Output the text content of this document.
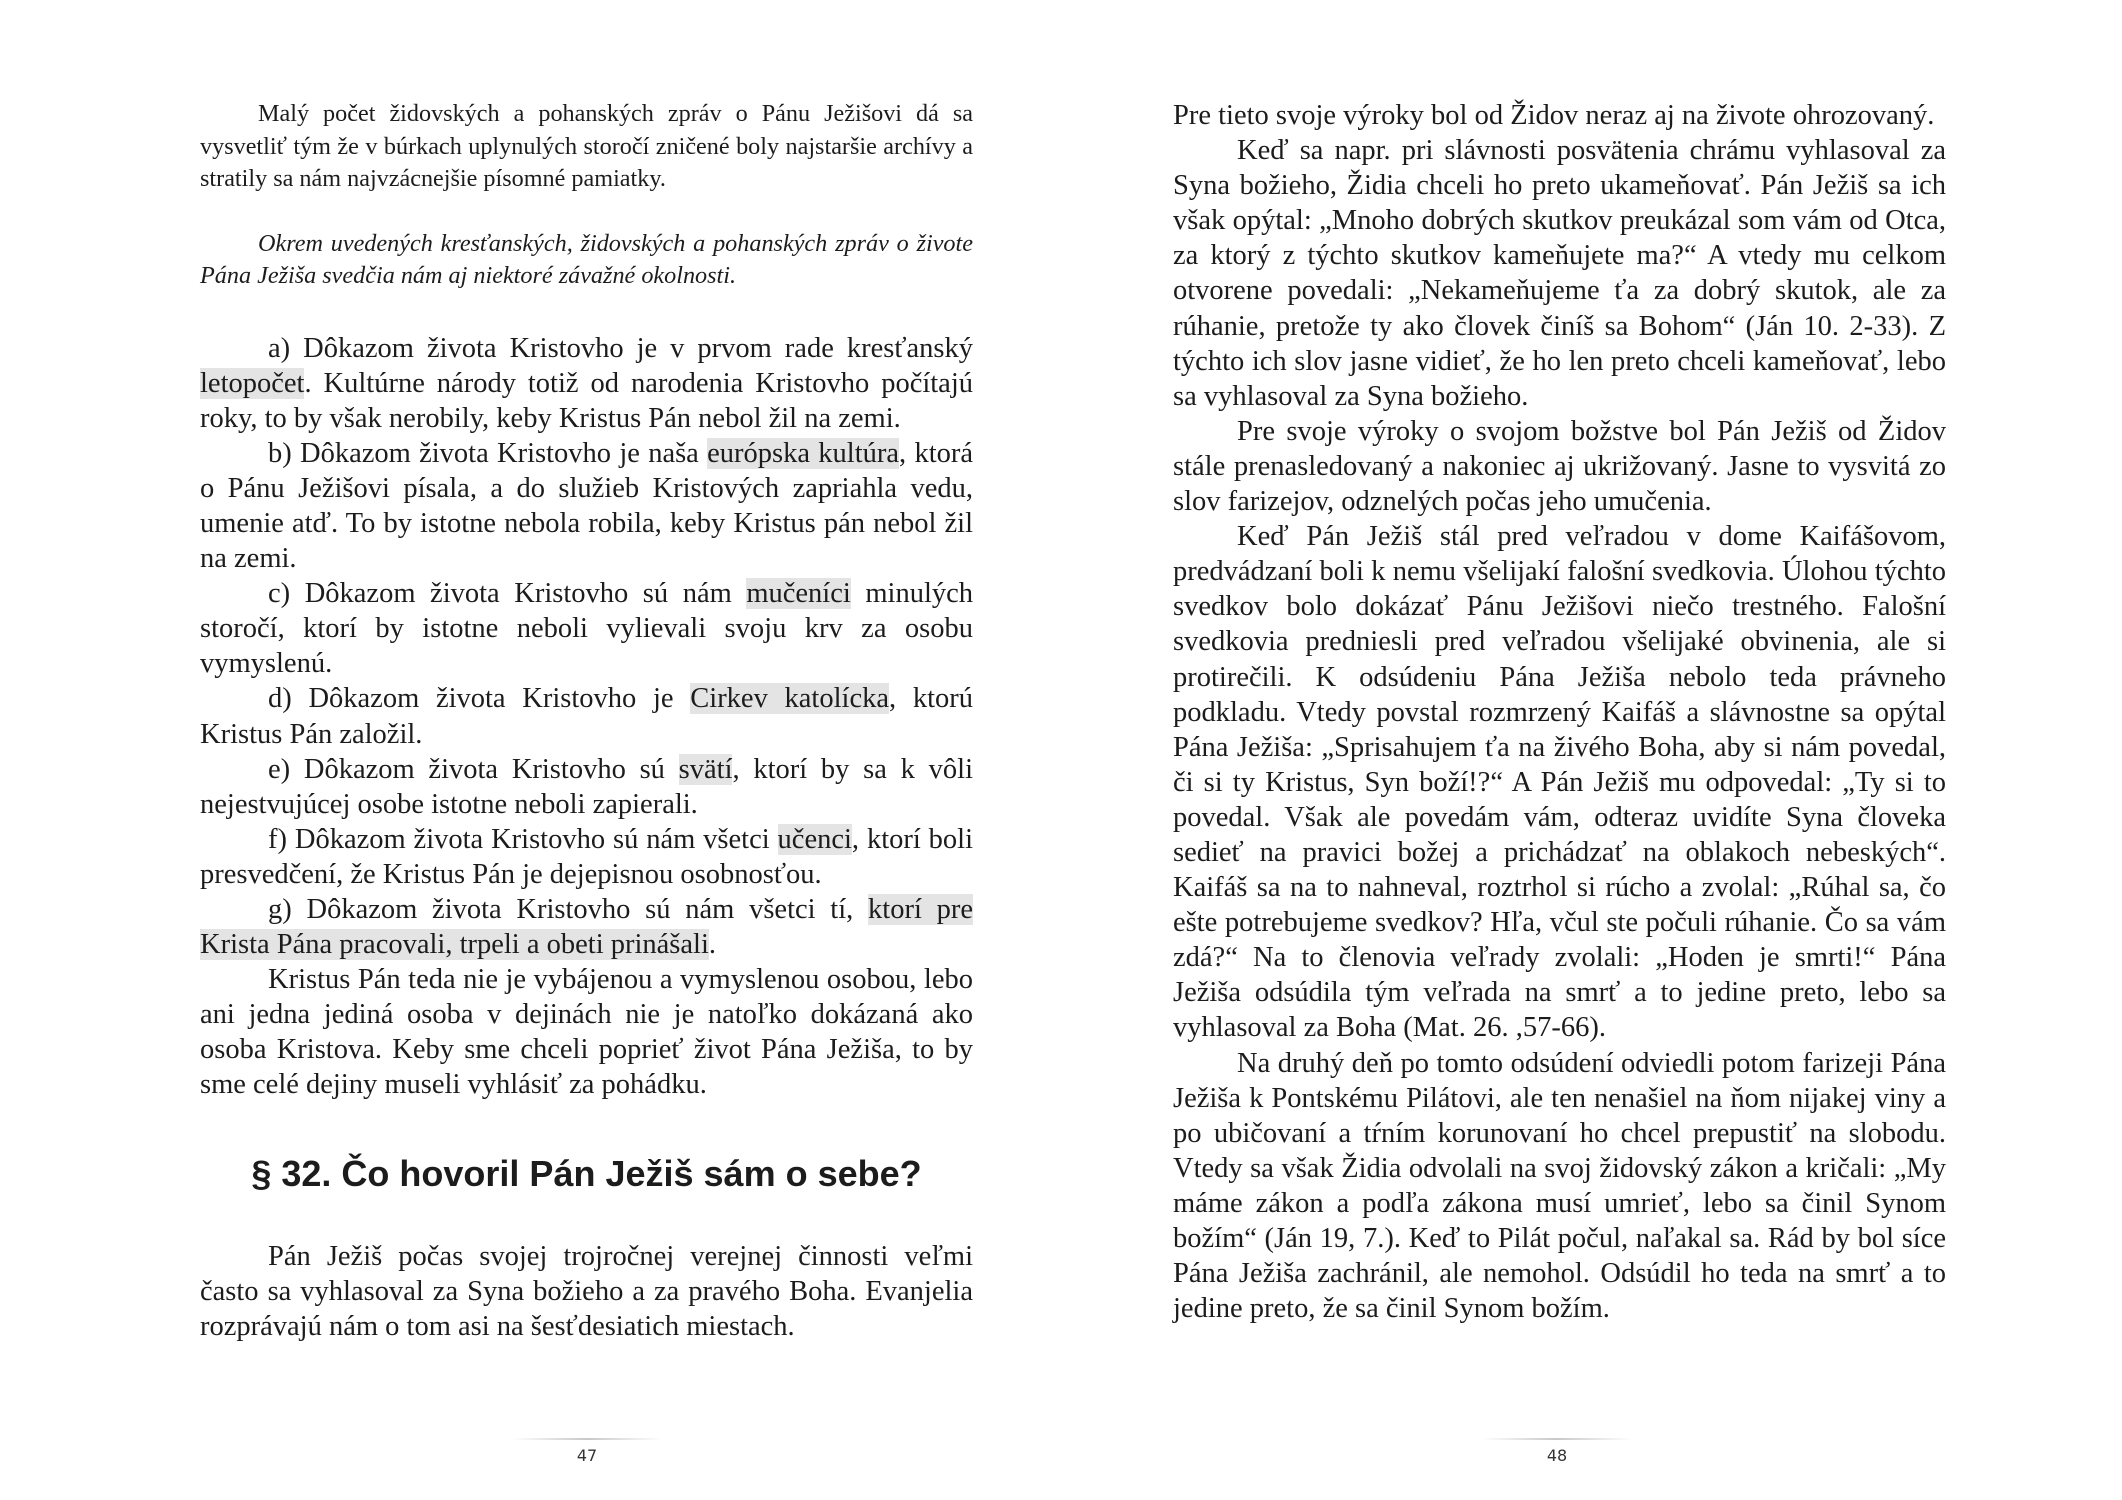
Malý počet židovských a pohanských zpráv o Pánu Ježišovi dá sa vysvetliť tým že v búrkach uplynulých storočí zničené boly najstaršie archívy a stratily sa nám najvzácnejšie písomné pamiatky.

Okrem uvedených kresťanských, židovských a pohanských zpráv o živote Pána Ježiša svedčia nám aj niektoré závažné okolnosti.

a) Dôkazom života Kristovho je v prvom rade kresťanský letopočet. Kultúrne národy totiž od narodenia Kristovho počítajú roky, to by však nerobily, keby Kristus Pán nebol žil na zemi.

b) Dôkazom života Kristovho je naša európska kultúra, ktorá o Pánu Ježišovi písala, a do služieb Kristových zapriahla vedu, umenie atď. To by istotne nebola robila, keby Kristus pán nebol žil na zemi.

c) Dôkazom života Kristovho sú nám mučeníci minulých storočí, ktorí by istotne neboli vylievali svoju krv za osobu vymyslenú.

d) Dôkazom života Kristovho je Cirkev katolícka, ktorú Kristus Pán založil.

e) Dôkazom života Kristovho sú svätí, ktorí by sa k vôli nejestvujúcej osobe istotne neboli zapierali.

f) Dôkazom života Kristovho sú nám všetci učenci, ktorí boli presvedčení, že Kristus Pán je dejepisnou osobnosťou.

g) Dôkazom života Kristovho sú nám všetci tí, ktorí pre Krista Pána pracovali, trpeli a obeti prinášali.

Kristus Pán teda nie je vybájenou a vymyslenou osobou, lebo ani jedna jediná osoba v dejinách nie je natoľko dokázaná ako osoba Kristova. Keby sme chceli poprieť život Pána Ježiša, to by sme celé dejiny museli vyhlásiť za pohádku.

§ 32. Čo hovoril Pán Ježiš sám o sebe?

Pán Ježiš počas svojej trojročnej verejnej činnosti veľmi často sa vyhlasoval za Syna božieho a za pravého Boha. Evanjelia rozprávajú nám o tom asi na šesťdesiatich miestach.

47

Pre tieto svoje výroky bol od Židov neraz aj na živote ohrozovaný.

Keď sa napr. pri slávnosti posvätenia chrámu vyhlasoval za Syna božieho, Židia chceli ho preto ukameňovať. Pán Ježiš sa ich však opýtal: „Mnoho dobrých skutkov preukázal som vám od Otca, za ktorý z týchto skutkov kameňujete ma?“ A vtedy mu celkom otvorene povedali: „Nekameňujeme ťa za dobrý skutok, ale za rúhanie, pretože ty ako človek činíš sa Bohom“ (Ján 10. 2-33). Z týchto ich slov jasne vidieť, že ho len preto chceli kameňovať, lebo sa vyhlasoval za Syna božieho.

Pre svoje výroky o svojom božstve bol Pán Ježiš od Židov stále prenasledovaný a nakoniec aj ukrižovaný. Jasne to vysvitá zo slov farizejov, odznelých počas jeho umučenia.

Keď Pán Ježiš stál pred veľradou v dome Kaifášovom, predvádzaní boli k nemu všelijakí falošní svedkovia. Úlohou týchto svedkov bolo dokázať Pánu Ježišovi niečo trestného. Falošní svedkovia predniesli pred veľradou všelijaké obvinenia, ale si protirečili. K odsúdeniu Pána Ježiša nebolo teda právneho podkladu. Vtedy povstal rozmrzený Kaifáš a slávnostne sa opýtal Pána Ježiša: „Sprisahujem ťa na živého Boha, aby si nám povedal, či si ty Kristus, Syn boží!?“ A Pán Ježiš mu odpovedal: „Ty si to povedal. Však ale povedám vám, odteraz uvidíte Syna človeka sedieť na pravici božej a prichádzať na oblakoch nebeských“. Kaifáš sa na to nahneval, roztrhol si rúcho a zvolal: „Rúhal sa, čo ešte potrebujeme svedkov? Hľa, včul ste počuli rúhanie. Čo sa vám zdá?“ Na to členovia veľrady zvolali: „Hoden je smrti!“ Pána Ježiša odsúdila tým veľrada na smrť a to jedine preto, lebo sa vyhlasoval za Boha (Mat. 26. ,57-66).

Na druhý deň po tomto odsúdení odviedli potom farizeji Pána Ježiša k Pontskému Pilátovi, ale ten nenašiel na ňom nijakej viny a po ubičovaní a tŕním korunovaní ho chcel prepustiť na slobodu. Vtedy sa však Židia odvolali na svoj židovský zákon a kričali: „My máme zákon a podľa zákona musí umrieť, lebo sa činil Synom božím“ (Ján 19, 7.). Keď to Pilát počul, naľakal sa. Rád by bol síce Pána Ježiša zachránil, ale nemohol. Odsúdil ho teda na smrť a to jedine preto, že sa činil Synom božím.

48
